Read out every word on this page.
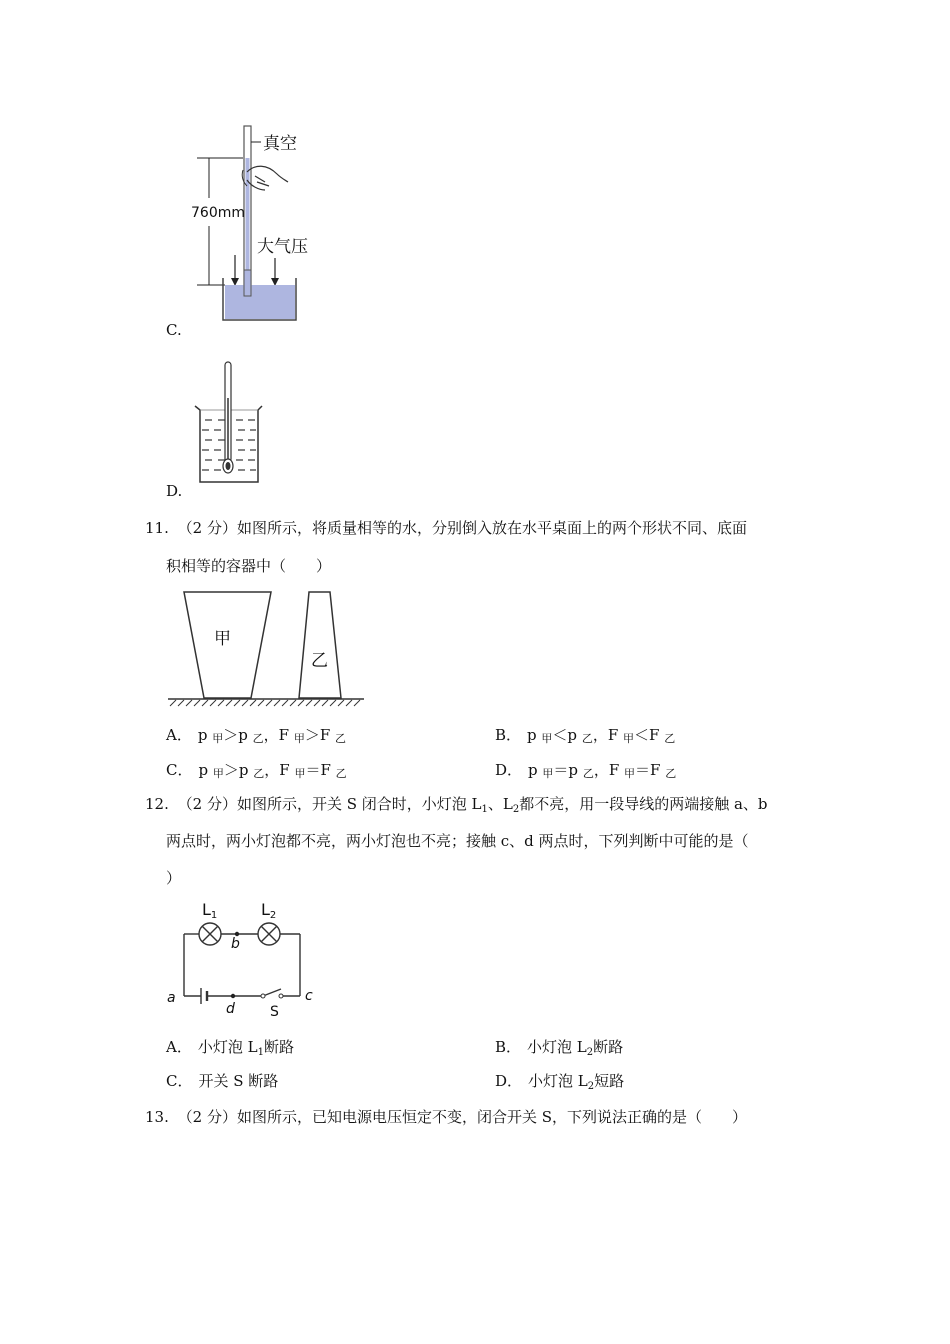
真空
760mm
大气压
C.
D.
11. （2 分）如图所示，将质量相等的水，分别倒入放在水平桌面上的两个形状不同、底面
积相等的容器中（　　）
甲
乙
A． p 甲＞p 乙，F 甲＞F 乙	B． p 甲＜p 乙，F 甲＜F 乙
C． p 甲＞p 乙，F 甲＝F 乙	D． p 甲＝p 乙，F 甲＝F 乙
12. （2 分）如图所示，开关 S 闭合时，小灯泡 $L_1$、$L_2$都不亮，用一段导线的两端接触 a、b
两点时，两小灯泡都不亮，两小灯泡也不亮；接触 c、d 两点时，下列判断中可能的是（
）
L1	L2
b
a	c
d	S
A． 小灯泡 $L_1$断路	B． 小灯泡 $L_2$断路
C． 开关 S 断路	D． 小灯泡 $L_2$短路
13. （2 分）如图所示，已知电源电压恒定不变，闭合开关 S，下列说法正确的是（　　）
